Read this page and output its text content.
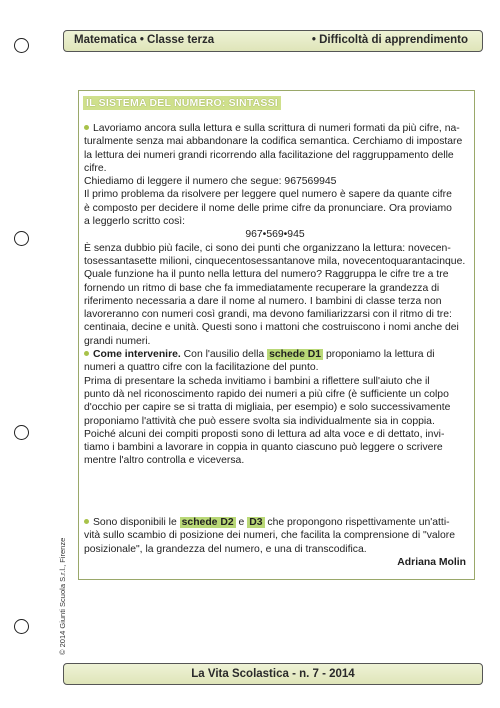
Matematica • Classe terza	• Difficoltà di apprendimento
IL SISTEMA DEL NUMERO: SINTASSI

Lavoriamo ancora sulla lettura e sulla scrittura di numeri formati da più cifre, na-

turalmente senza mai abbandonare la codifica semantica. Cerchiamo di impostare

la lettura dei numeri grandi ricorrendo alla facilitazione del raggruppamento delle

cifre.

Chiediamo di leggere il numero che segue: 967569945

Il primo problema da risolvere per leggere quel numero è sapere da quante cifre

è composto per decidere il nome delle prime cifre da pronunciare. Ora proviamo

a leggerlo scritto così:

967•569•945

È senza dubbio più facile, ci sono dei punti che organizzano la lettura: novecen-

tosessantasette milioni, cinquecentosessantanove mila, novecentoquarantacinque.

Quale funzione ha il punto nella lettura del numero? Raggruppa le cifre tre a tre

fornendo un ritmo di base che fa immediatamente recuperare la grandezza di

riferimento necessaria a dare il nome al numero. I bambini di classe terza non

lavoreranno con numeri così grandi, ma devono familiarizzarsi con il ritmo di tre:

centinaia, decine e unità. Questi sono i mattoni che costruiscono i nomi anche dei

grandi numeri.

Come intervenire. Con l'ausilio della schede D1 proponiamo la lettura di

numeri a quattro cifre con la facilitazione del punto.

Prima di presentare la scheda invitiamo i bambini a riflettere sull'aiuto che il

punto dà nel riconoscimento rapido dei numeri a più cifre (è sufficiente un colpo

d'occhio per capire se si tratta di migliaia, per esempio) e solo successivamente

proponiamo l'attività che può essere svolta sia individualmente sia in coppia.

Poiché alcuni dei compiti proposti sono di lettura ad alta voce e di dettato, invi-

tiamo i bambini a lavorare in coppia in quanto ciascuno può leggere o scrivere

mentre l'altro controlla e viceversa.

Sono disponibili le schede D2 e D3 che propongono rispettivamente un'atti-

vità sullo scambio di posizione dei numeri, che facilita la comprensione di "valore

posizionale", la grandezza del numero, e una di transcodifica.

Adriana Molin

© 2014 Giunti Scuola S.r.l., Firenze
La Vita Scolastica - n. 7 - 2014
